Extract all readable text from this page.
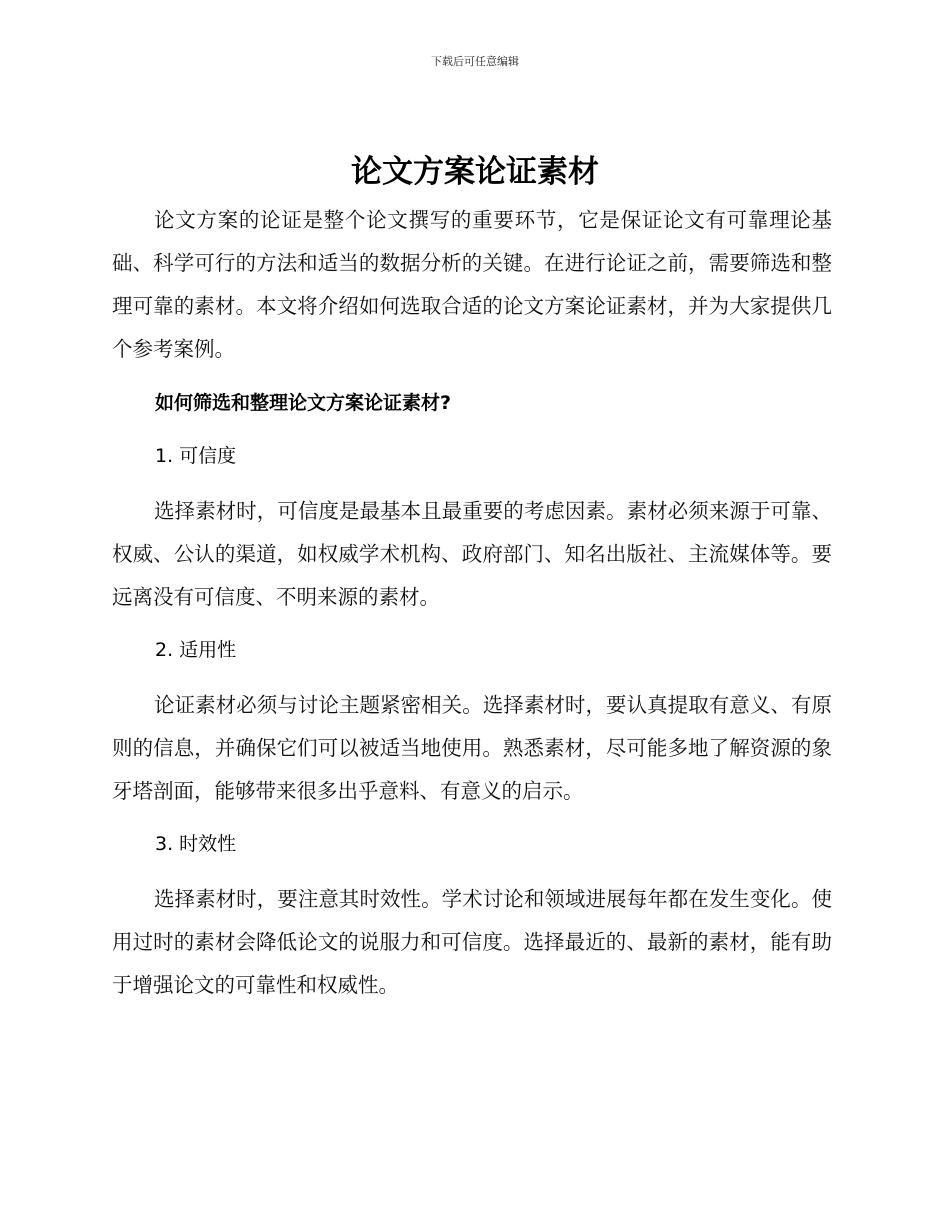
下载后可任意编辑
论文方案论证素材

论文方案的论证是整个论文撰写的重要环节，它是保证论文有可靠理论基础、科学可行的方法和适当的数据分析的关键。在进行论证之前，需要筛选和整理可靠的素材。本文将介绍如何选取合适的论文方案论证素材，并为大家提供几个参考案例。

如何筛选和整理论文方案论证素材?
1. 可信度

选择素材时，可信度是最基本且最重要的考虑因素。素材必须来源于可靠、权威、公认的渠道，如权威学术机构、政府部门、知名出版社、主流媒体等。要远离没有可信度、不明来源的素材。

2. 适用性

论证素材必须与讨论主题紧密相关。选择素材时，要认真提取有意义、有原则的信息，并确保它们可以被适当地使用。熟悉素材，尽可能多地了解资源的象牙塔剖面，能够带来很多出乎意料、有意义的启示。

3. 时效性

选择素材时，要注意其时效性。学术讨论和领域进展每年都在发生变化。使用过时的素材会降低论文的说服力和可信度。选择最近的、最新的素材，能有助于增强论文的可靠性和权威性。
